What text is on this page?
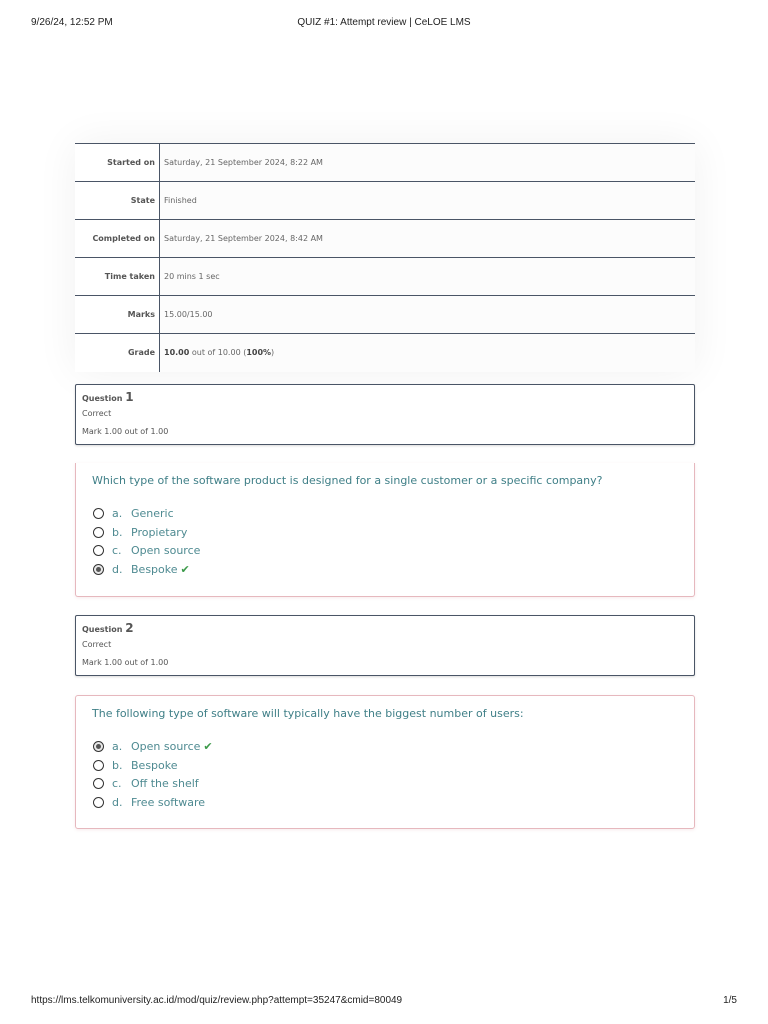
9/26/24, 12:52 PM	QUIZ #1: Attempt review | CeLOE LMS
Started on	Saturday, 21 September 2024, 8:22 AM
State	Finished
Completed on	Saturday, 21 September 2024, 8:42 AM
Time taken	20 mins 1 sec
Marks	15.00/15.00
Grade	10.00 out of 10.00 (100%)
Question 1
Correct
Mark 1.00 out of 1.00
Which type of the software product is designed for a single customer or a specific company?
a. Generic
b. Propietary
c. Open source
d. Bespoke ✔
Question 2
Correct
Mark 1.00 out of 1.00
The following type of software will typically have the biggest number of users:
a. Open source ✔
b. Bespoke
c. Off the shelf
d. Free software
https://lms.telkomuniversity.ac.id/mod/quiz/review.php?attempt=35247&cmid=80049	1/5
